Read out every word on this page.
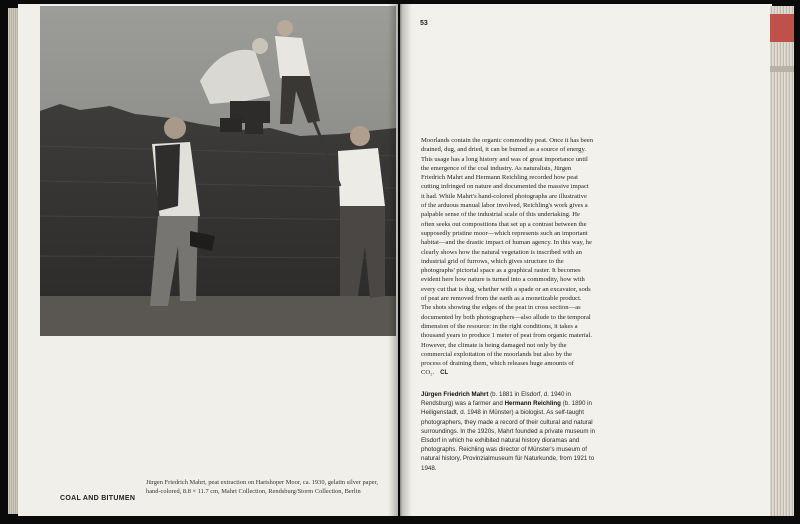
Jürgen Friedrich Mahrt, peat extraction on Hartshoper Moor, ca. 1930, gelatin silver paper, hand-colored, 8.8 × 11.7 cm, Mahrt Collection, Rendsburg/Storm Collection, Berlin
COAL AND BITUMEN
53
Moorlands contain the organic commodity peat. Once it has been drained, dug, and dried, it can be burned as a source of energy. This usage has a long history and was of great importance until the emergence of the coal industry. As naturalists, Jürgen Friedrich Mahrt and Hermann Reichling recorded how peat cutting infringed on nature and documented the massive impact it had. While Mahrt's hand-colored photographs are illustrative of the arduous manual labor involved, Reichling's work gives a palpable sense of the industrial scale of this undertaking. He often seeks out compositions that set up a contrast between the supposedly pristine moor—which represents such an important habitat—and the drastic impact of human agency. In this way, he clearly shows how the natural vegetation is inscribed with an industrial grid of furrows, which gives structure to the photographs' pictorial space as a graphical raster. It becomes evident here how nature is turned into a commodity, how with every cut that is dug, whether with a spade or an excavator, sods of peat are removed from the earth as a monetizable product. The shots showing the edges of the peat in cross section—as documented by both photographers—also allude to the temporal dimension of the resource: in the right conditions, it takes a thousand years to produce 1 meter of peat from organic material. However, the climate is being damaged not only by the commercial exploitation of the moorlands but also by the process of draining them, which releases huge amounts of CO₂. CL
Jürgen Friedrich Mahrt (b. 1881 in Elsdorf, d. 1940 in Rendsburg) was a farmer and Hermann Reichling (b. 1890 in Heiligenstadt, d. 1948 in Münster) a biologist. As self-taught photographers, they made a record of their cultural and natural surroundings. In the 1920s, Mahrt founded a private museum in Elsdorf in which he exhibited natural history dioramas and photographs. Reichling was director of Münster's museum of natural history, Provinzialmuseum für Naturkunde, from 1921 to 1948.
